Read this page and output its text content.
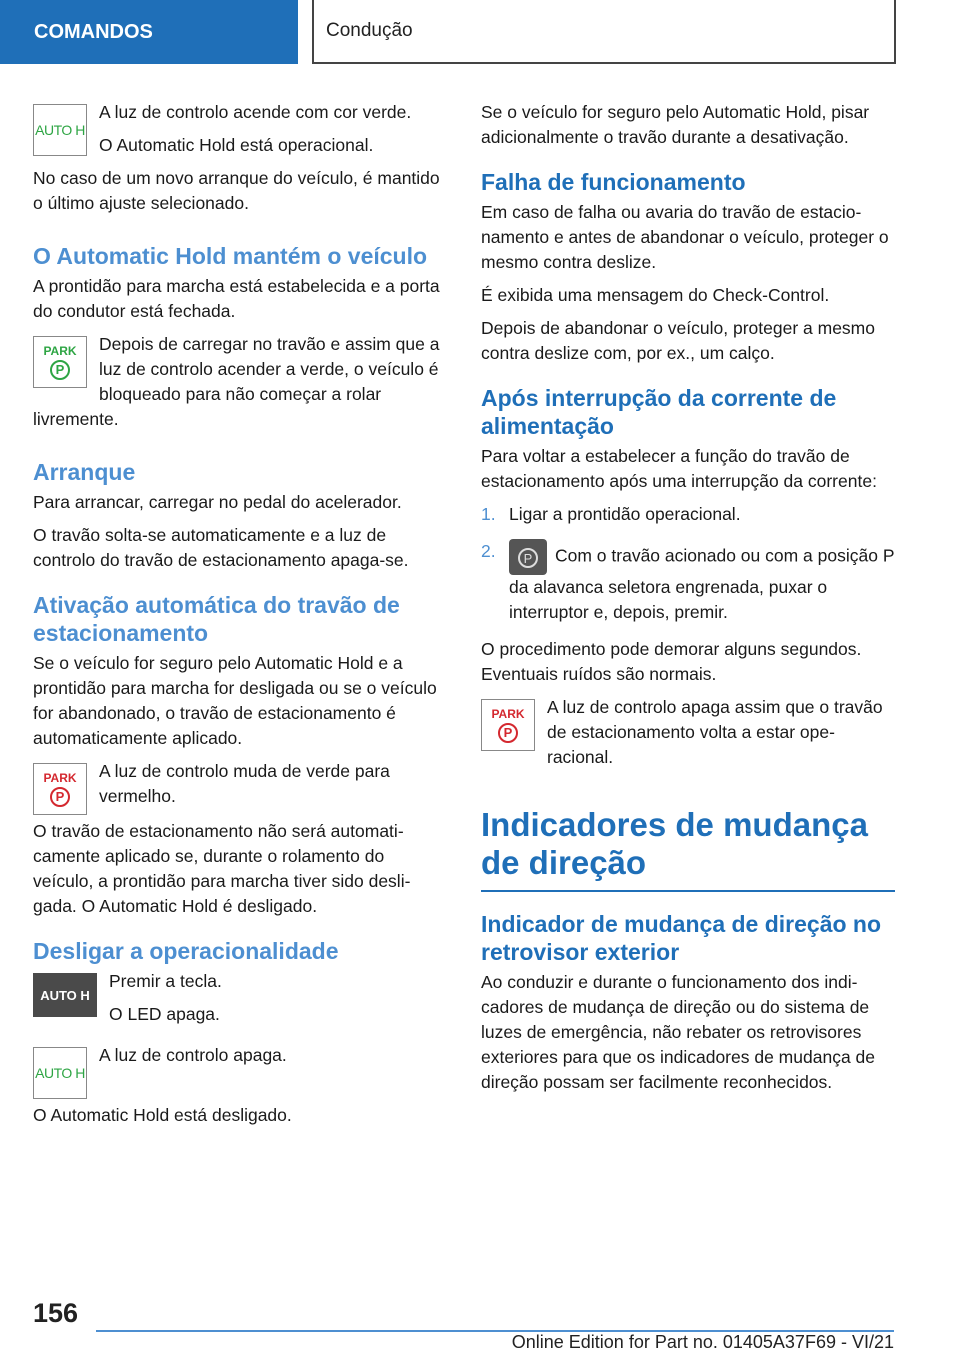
COMANDOS	Condução
AUTO H

A luz de controlo acende com cor verde.

O Automatic Hold está operacional.

No caso de um novo arranque do veículo, é mantido o último ajuste selecionado.

O Automatic Hold mantém o veículo

A prontidão para marcha está estabelecida e a porta do condutor está fechada.

PARK
P

Depois de carregar no travão e assim que a luz de controlo acender a verde, o veículo é bloqueado para não começar a rolar livremente.

Arranque

Para arrancar, carregar no pedal do acelerador.

O travão solta-se automaticamente e a luz de controlo do travão de estacionamento apaga-se.

Ativação automática do travão de estacionamento

Se o veículo for seguro pelo Automatic Hold e a prontidão para marcha for desligada ou se o veículo for abandonado, o travão de estacionamento é automaticamente aplicado.

PARK
P

A luz de controlo muda de verde para vermelho.

O travão de estacionamento não será automaticamente aplicado se, durante o rolamento do veículo, a prontidão para marcha tiver sido desligada. O Automatic Hold é desligado.

Desligar a operacionalidade
AUTO H

Premir a tecla.

O LED apaga.

AUTO H

A luz de controlo apaga.

O Automatic Hold está desligado.

Se o veículo for seguro pelo Automatic Hold, pisar adicionalmente o travão durante a desativação.

Falha de funcionamento

Em caso de falha ou avaria do travão de estacionamento e antes de abandonar o veículo, proteger o mesmo contra deslize.

É exibida uma mensagem do Check-Control.

Depois de abandonar o veículo, proteger a mesmo contra deslize com, por ex., um calço.

Após interrupção da corrente de alimentação

Para voltar a estabelecer a função do travão de estacionamento após uma interrupção da corrente:

1. Ligar a prontidão operacional.
2.	P	Com o travão acionado ou com a posição P da alavanca seletora engrenada, puxar o interruptor e, depois, premir.

O procedimento pode demorar alguns segundos. Eventuais ruídos são normais.

PARK
P

A luz de controlo apaga assim que o travão de estacionamento volta a estar operacional.

Indicadores de mudança de direção
Indicador de mudança de direção no retrovisor exterior

Ao conduzir e durante o funcionamento dos indicadores de mudança de direção ou do sistema de luzes de emergência, não rebater os retrovisores exteriores para que os indicadores de mudança de direção possam ser facilmente reconhecidos.

156
Online Edition for Part no. 01405A37F69 - VI/21
